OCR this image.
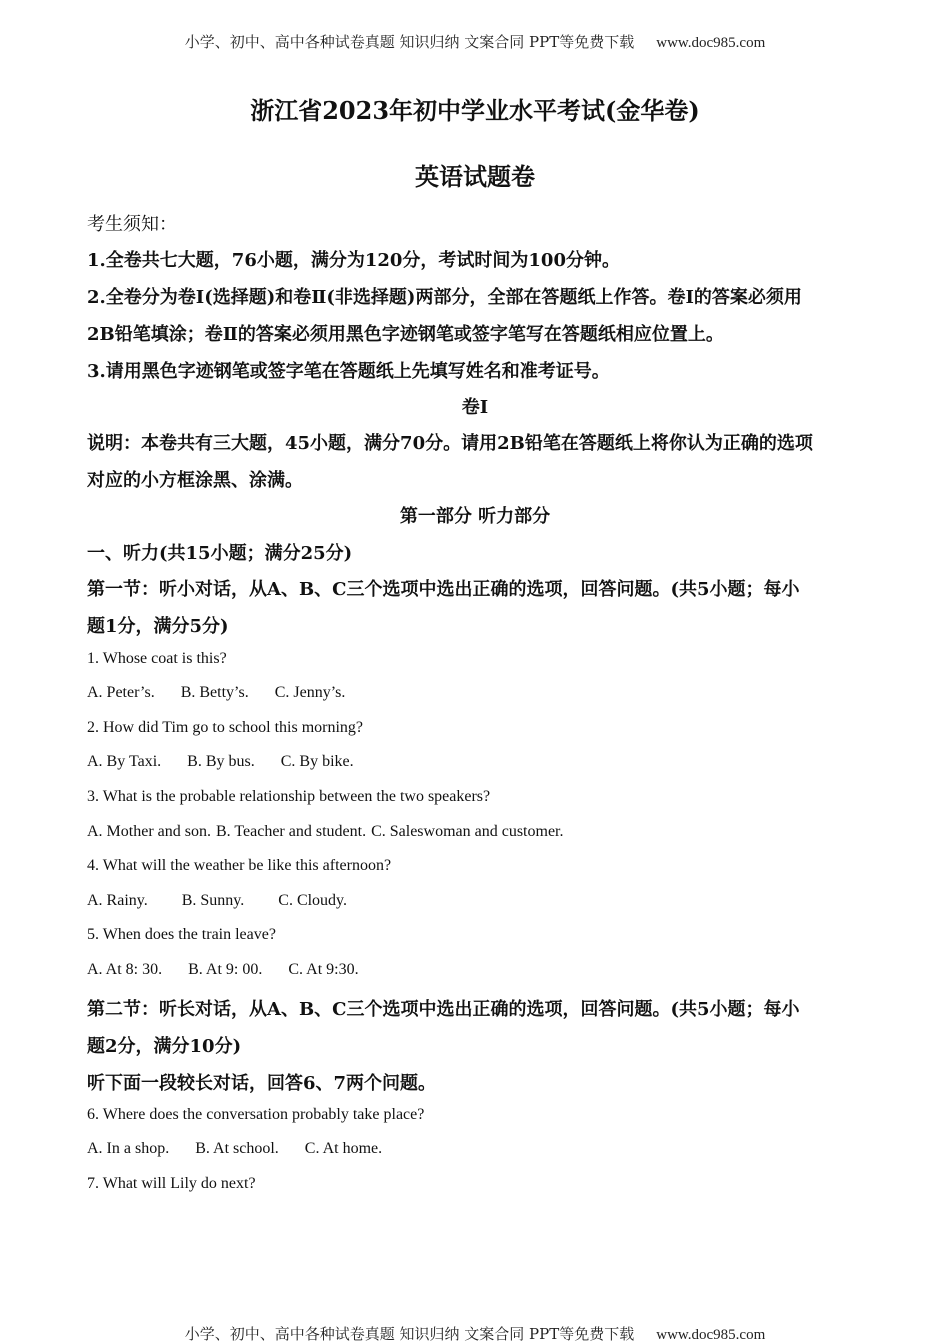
小学、初中、高中各种试卷真题 知识归纳 文案合同 PPT等免费下载 www.doc985.com
浙江省2023年初中学业水平考试(金华卷)
英语试题卷
考生须知：
1.全卷共七大题，76小题，满分为120分，考试时间为100分钟。
2.全卷分为卷Ⅰ(选择题)和卷Ⅱ(非选择题)两部分，全部在答题纸上作答。卷Ⅰ的答案必须用
2B铅笔填涂；卷Ⅱ的答案必须用黑色字迹钢笔或签字笔写在答题纸相应位置上。
3.请用黑色字迹钢笔或签字笔在答题纸上先填写姓名和准考证号。
卷Ⅰ
说明：本卷共有三大题，45小题，满分70分。请用2B铅笔在答题纸上将你认为正确的选项
对应的小方框涂黑、涂满。
第一部分 听力部分
一、听力(共15小题；满分25分)
第一节：听小对话，从A、B、C三个选项中选出正确的选项，回答问题。(共5小题；每小
题1分，满分5分)
1. Whose coat is this?
A. Peter’s. B. Betty’s. C. Jenny’s.
2. How did Tim go to school this morning?
A. By Taxi. B. By bus. C. By bike.
3. What is the probable relationship between the two speakers?
A. Mother and son. B. Teacher and student. C. Saleswoman and customer.
4. What will the weather be like this afternoon?
A. Rainy. B. Sunny. C. Cloudy.
5. When does the train leave?
A. At 8: 30. B. At 9: 00. C. At 9:30.
第二节：听长对话，从A、B、C三个选项中选出正确的选项，回答问题。(共5小题；每小
题2分，满分10分)
听下面一段较长对话，回答6、7两个问题。
6. Where does the conversation probably take place?
A. In a shop. B. At school. C. At home.
7. What will Lily do next?
小学、初中、高中各种试卷真题 知识归纳 文案合同 PPT等免费下载 www.doc985.com
